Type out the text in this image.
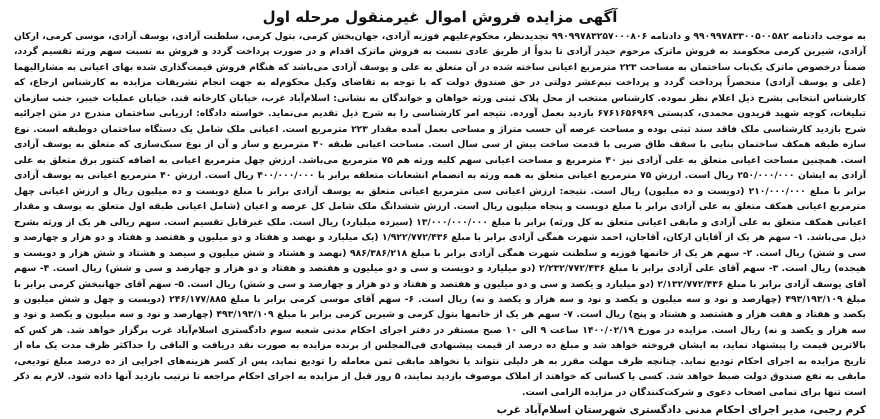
آگهی مزایده فروش اموال غیرمنقول مرحله اول

به موجب دادنامه ۹۹۰۹۹۷۸۳۳۰۰۵۰۰۵۸۲ و دادنامه ۹۹۰۹۹۷۸۳۲۵۷۰۰۰۸۰۶ تجدیدنظر، محکوم‌علیهم فوزیه آزادی، جهان‌بخش کرمی، بتول کرمی، سلطنت آزادی، یوسف آزادی، موسی کرمی، ارکان آزادی، شیرین کرمی محکومند به فروش ماترک مرحوم حیدر آزادی تا بدواً از طریق عادی نسبت به فروش ماترک اقدام و در صورت پرداخت گردد و فروش به نسبت سهم ورثه تقسیم گردد، ضمناً درخصوص ماترک یک‌باب ساختمان به مساحت ۲۲۳ مترمربع اعیانی ساخته شده در آن متعلق به علی و یوسف آزادی می‌باشد که هنگام فروش قیمت‌گذاری شده بهای اعیانی به مشارالیهما (علی و یوسف آزادی) منحصراً پرداخت گردد و پرداخت نیم‌عشر دولتی در حق صندوق دولت که با توجه به تقاضای وکیل محکوم‌له به جهت انجام تشریفات مزایده به کارشناس ارجاع، که کارشناس انتخابی بشرح ذیل اعلام نظر نموده. کارشناس منتخب از محل پلاک ثبتی ورثه خواهان و خواندگان به نشانی: اسلام‌آباد غرب، خیابان کارخانه قند، خیابان عملیات خیبر، جنب سازمان تبلیغات، کوچه شهید فریدون محمدی، کدپستی ۶۷۶۱۶۵۶۹۶۹ بازدید بعمل آورده. نتیجه امر کارشناسی را به شرح ذیل تقدیم می‌نماید. خواسته دادگاه: ارزیابی ساختمان مندرج در متن اجرائیه شرح بازدید کارشناسی ملک فاقد سند ثبتی بوده و مساحت عرصه آن حسب متراژ و مساحی بعمل آمده مقدار ۲۲۳ مترمربع است. اعیانی ملک شامل یک دستگاه ساختمان دوطبقه است. نوع سازه طبقه همکف ساختمان بنایی با سقف طاق ضربی با قدمت ساخت بیش از سی سال است. مساحت اعیانی طبقه ۴۰ مترمربع و ساز و آن از نوع سبک‌سازی که متعلق به یوسف آزادی است. همچنین مساحت اعیانی متعلق به علی آزادی نیز ۴۰ مترمربع و مساحت اعیانی سهم کلیه ورثه هم ۷۵ مترمربع می‌باشد. ارزش چهل مترمربع اعیانی به اضافه کنتور برق متعلق به علی آزادی به ایشان ۲۵۰/۰۰۰/۰۰۰ ریال است. ارزش ۷۵ مترمربع اعیانی متعلق به همه ورثه به انضمام انشعابات متعلقه برابر با ۴۰۰/۰۰۰/۰۰۰ ریال است. ارزش ۴۰ مترمربع اعیانی به یوسف آزادی برابر با مبلغ ۲۱۰/۰۰۰/۰۰۰ (دویست و ده میلیون) ریال است. نتیجه: ارزش اعیانی سی مترمربع اعیانی متعلق به یوسف آزادی برابر با مبلغ دویست و ده میلیون ریال و ارزش اعیانی چهل مترمربع اعیانی همکف متعلق به علی آزادی برابر با مبلغ دویست و پنجاه میلیون ریال است. ارزش ششدانگ ملک شامل کل عرصه و اعیان (شامل اعیانی طبقه اول متعلق به یوسف و مقدار اعیانی همکف متعلق به علی آزادی و مابقی اعیانی متعلق به کل ورثه) برابر با مبلغ ۱۳/۰۰۰/۰۰۰/۰۰۰ (سیزده میلیارد) ریال است. ملک غیرقابل تقسیم است. سهم ریالی هر یک از ورثه بشرح ذیل می‌باشد. ۱- سهم هر یک از آقایان ارکان، آقاجان، احمد شهرت همگی آزادی برابر با مبلغ ۱/۹۲۲/۷۷۲/۴۳۶ (یک میلیارد و نهصد و هفتاد و دو میلیون و هفتصد و هفتاد و دو هزار و چهارصد و سی و شش) ریال است. ۲- سهم هر یک از خانمها فوزیه و سلطنت شهرت همگی آزادی برابر با مبلغ ۹۸۶/۳۸۶/۲۱۸ (نهصد و هشتاد و شش میلیون و سیصد و هشتاد و شش هزار و دویست و هیجده) ریال است. ۳- سهم آقای علی آزادی برابر با مبلغ ۲/۲۳۲/۷۷۲/۴۳۶ (دو میلیارد و دویست و سی و دو میلیون و هفتصد و هفتاد و دو هزار و چهارصد و سی و شش) ریال است. ۴- سهم آقای یوسف آزادی برابر با مبلغ ۲/۱۳۲/۷۷۲/۴۳۶ (دو میلیارد و یکصد و سی و دو میلیون و هفتصد و هفتاد و دو هزار و چهارصد و سی و شش) ریال است. ۵- سهم آقای جهانبخش کرمی برابر با مبلغ ۴۹۳/۱۹۳/۱۰۹ (چهارصد و نود و سه میلیون و یکصد و نود و سه هزار و یکصد و نه) ریال است. ۶- سهم آقای موسی کرمی برابر با مبلغ ۲۴۶/۱۷۷/۸۸۵ (دویست و چهل و شش میلیون و یکصد و هفتاد و هفت هزار و هشتصد و هشتاد و پنج) ریال است. ۷- سهم هر یک از خانمها بتول کرمی و شیرین کرمی برابر با مبلغ ۴۹۳/۱۹۳/۱۰۹ (چهارصد و نود و سه میلیون و یکصد و نود و سه هزار و یکصد و نه) ریال است. مزایده در مورخ ۱۴۰۰/۰۲/۱۹ ساعت ۹ الی ۱۰ صبح مستقر در دفتر اجرای احکام مدنی شعبه سوم دادگستری اسلام‌آباد غرب برگزار خواهد شد. هر کس که بالاترین قیمت را پیشنهاد نماید، به ایشان فروخته خواهد شد و مبلغ ده درصد از قیمت پیشنهادی فی‌المجلس از برنده مزایده به صورت نقد دریافت و الباقی را حداکثر ظرف مدت یک ماه از تاریخ مزایده به اجرای احکام تودیع نماید. چنانچه ظرف مهلت مقرر به هر دلیلی نتواند یا نخواهد مابقی ثمن معامله را تودیع نماید، پس از کسر هزینه‌های اجرایی از ده درصد مبلغ تودیعی، مابقی به نفع صندوق دولت ضبط خواهد شد. کسی یا کسانی که خواهند از املاک موصوف بازدید نمایند، ۵ روز قبل از مزایده به اجرای احکام مراجعه تا ترتیب بازدید آنها داده شود. لازم به ذکر است تنها برای تمامی اصحاب دعوی و شرکت‌کنندگان در مزایده الزامی است.

کرم رجبی، مدیر اجرای احکام مدنی دادگستری شهرستان اسلام‌آباد غرب
